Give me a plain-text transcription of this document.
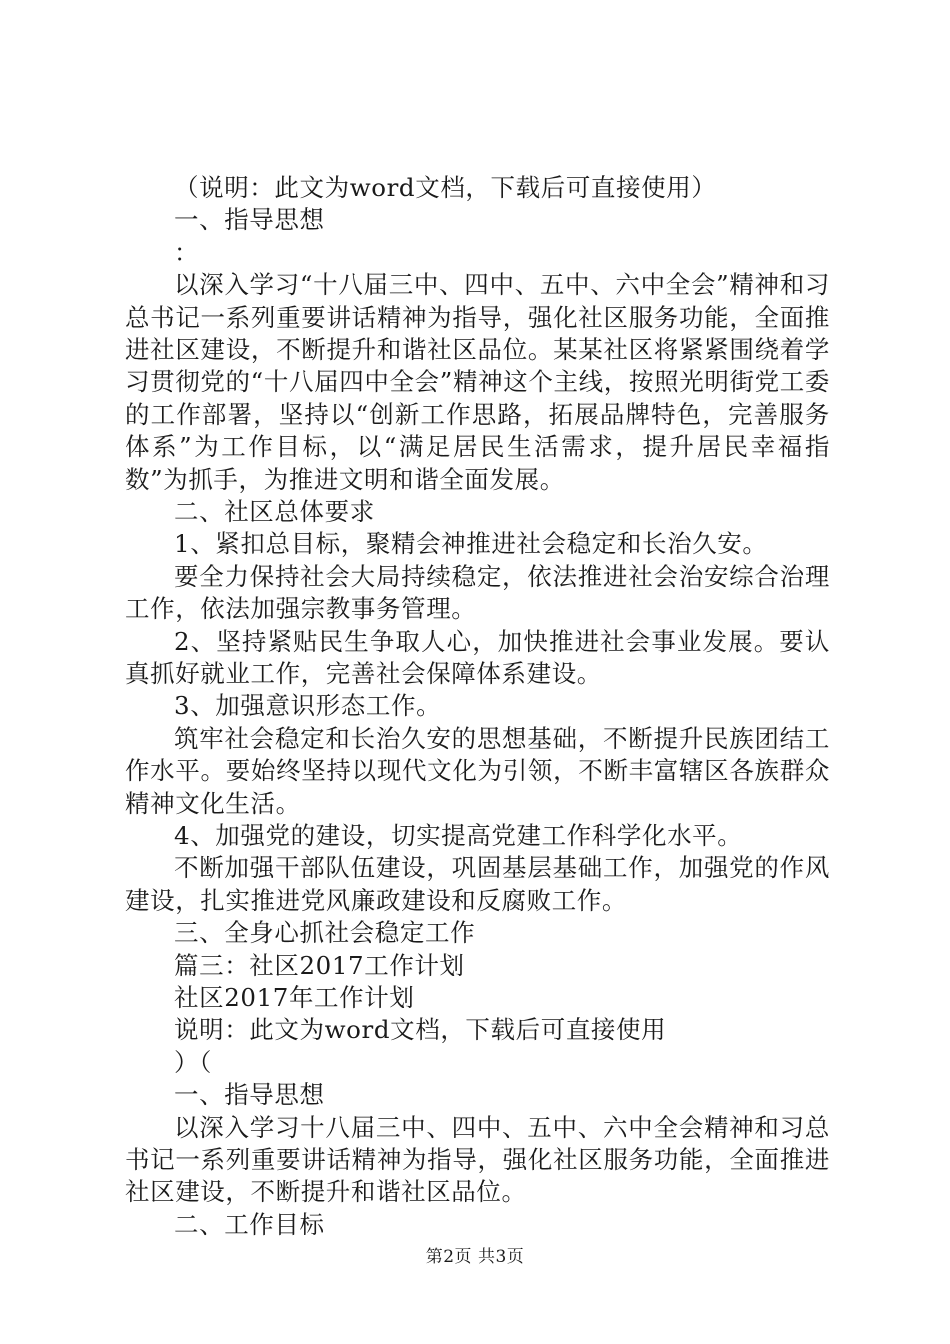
（说明：此文为word文档，下载后可直接使用）
一、指导思想
：

以深入学习“十八届三中、四中、五中、六中全会”精神和习总书记一系列重要讲话精神为指导，强化社区服务功能，全面推进社区建设，不断提升和谐社区品位。某某社区将紧紧围绕着学习贯彻党的“十八届四中全会”精神这个主线，按照光明街党工委的工作部署，坚持以“创新工作思路，拓展品牌特色，完善服务体系”为工作目标，以“满足居民生活需求，提升居民幸福指数”为抓手，为推进文明和谐全面发展。

二、社区总体要求
1、紧扣总目标，聚精会神推进社会稳定和长治久安。

要全力保持社会大局持续稳定，依法推进社会治安综合治理工作，依法加强宗教事务管理。

2、坚持紧贴民生争取人心，加快推进社会事业发展。要认真抓好就业工作，完善社会保障体系建设。

3、加强意识形态工作。

筑牢社会稳定和长治久安的思想基础，不断提升民族团结工作水平。要始终坚持以现代文化为引领，不断丰富辖区各族群众精神文化生活。

4、加强党的建设，切实提高党建工作科学化水平。

不断加强干部队伍建设，巩固基层基础工作，加强党的作风建设，扎实推进党风廉政建设和反腐败工作。

三、全身心抓社会稳定工作
篇三：社区2017工作计划
社区2017年工作计划
说明：此文为word文档，下载后可直接使用
）（
一、指导思想

以深入学习十八届三中、四中、五中、六中全会精神和习总书记一系列重要讲话精神为指导，强化社区服务功能，全面推进社区建设，不断提升和谐社区品位。

二、工作目标
第2页 共3页
